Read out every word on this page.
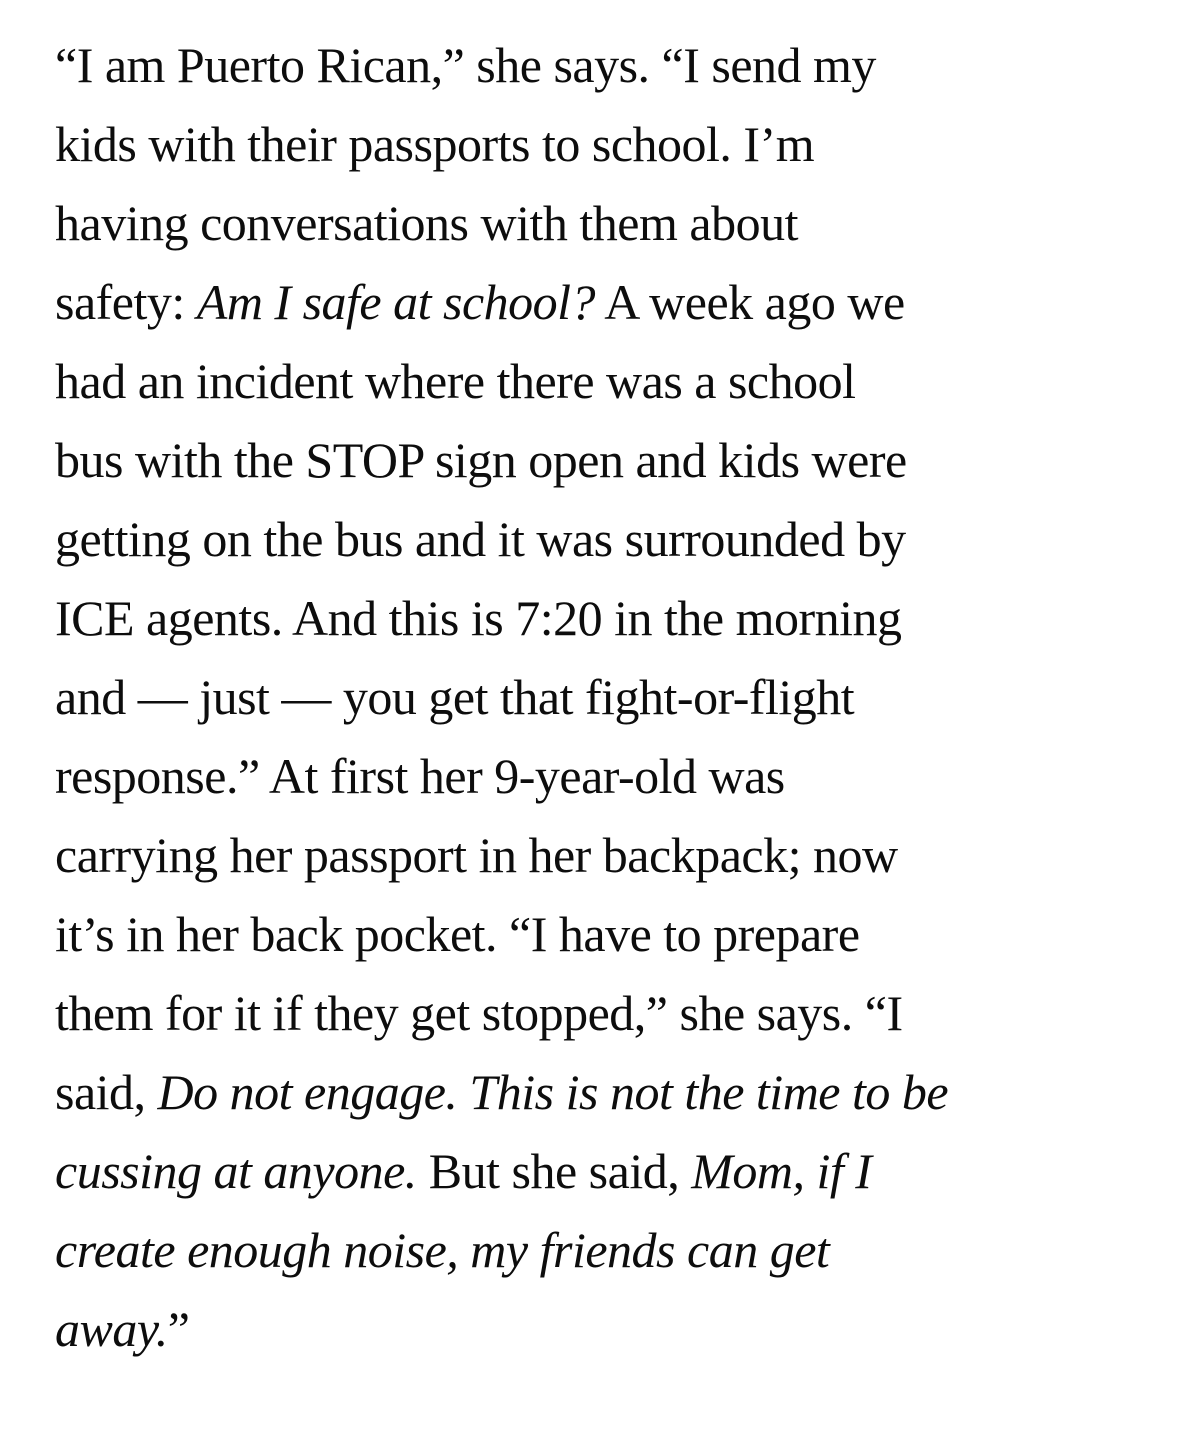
“I am Puerto Rican,” she says. “I send my
kids with their passports to school. I’m
having conversations with them about
safety: Am I safe at school? A week ago we
had an incident where there was a school
bus with the STOP sign open and kids were
getting on the bus and it was surrounded by
ICE agents. And this is 7:20 in the morning
and — just — you get that fight-or-flight
response.” At first her 9-year-old was
carrying her passport in her backpack; now
it’s in her back pocket. “I have to prepare
them for it if they get stopped,” she says. “I
said, Do not engage. This is not the time to be
cussing at anyone. But she said, Mom, if I
create enough noise, my friends can get
away.”
